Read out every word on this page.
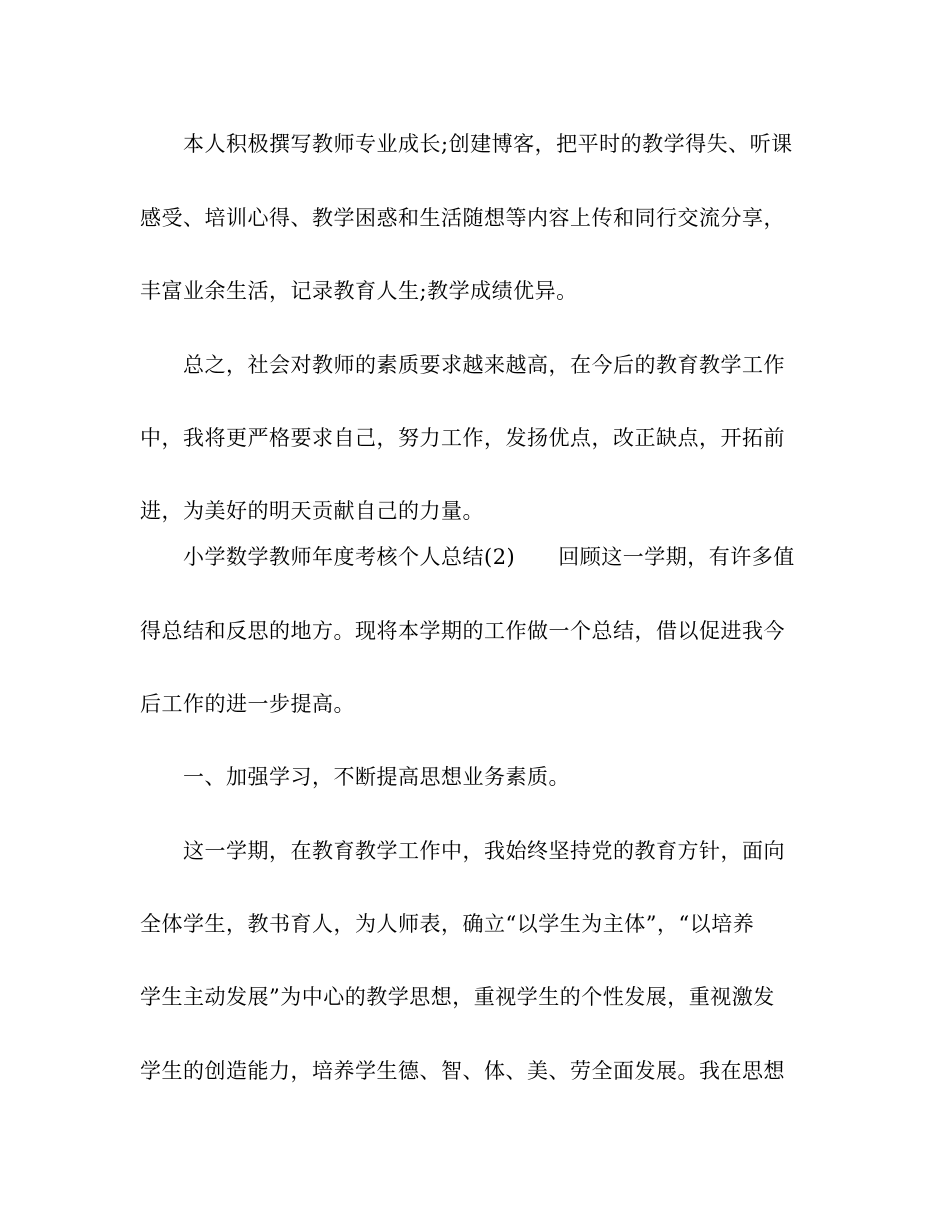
本人积极撰写教师专业成长;创建博客，把平时的教学得失、听课
感受、培训心得、教学困惑和生活随想等内容上传和同行交流分享，
丰富业余生活，记录教育人生;教学成绩优异。
总之，社会对教师的素质要求越来越高，在今后的教育教学工作
中，我将更严格要求自己，努力工作，发扬优点，改正缺点，开拓前
进，为美好的明天贡献自己的力量。
小学数学教师年度考核个人总结(2)　　回顾这一学期，有许多值
得总结和反思的地方。现将本学期的工作做一个总结，借以促进我今
后工作的进一步提高。
一、加强学习，不断提高思想业务素质。
这一学期，在教育教学工作中，我始终坚持党的教育方针，面向
全体学生，教书育人，为人师表，确立“以学生为主体”，“以培养
学生主动发展”为中心的教学思想，重视学生的个性发展，重视激发
学生的创造能力，培养学生德、智、体、美、劳全面发展。我在思想
